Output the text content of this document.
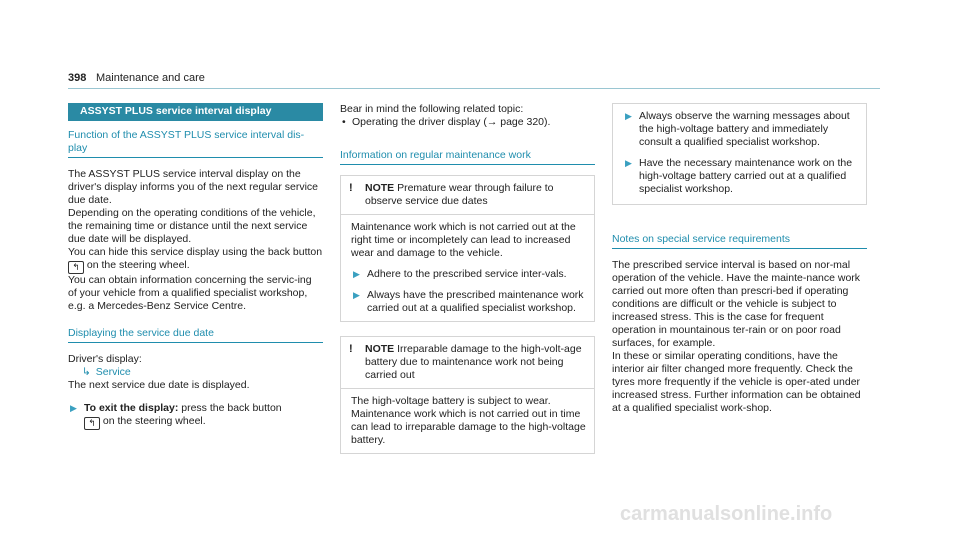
398 Maintenance and care
ASSYST PLUS service interval display
Function of the ASSYST PLUS service interval dis-play

The ASSYST PLUS service interval display on the driver's display informs you of the next regular service due date.

Depending on the operating conditions of the vehicle, the remaining time or distance until the next service due date will be displayed.

You can hide this service display using the back button ↰ on the steering wheel.

You can obtain information concerning the servic-ing of your vehicle from a qualified specialist workshop, e.g. a Mercedes-Benz Service Centre.

Displaying the service due date

Driver's display:

↳ Service

The next service due date is displayed.

▶ To exit the display: press the back button
↰ on the steering wheel.

Bear in mind the following related topic:

• Operating the driver display (→ page 320).
Information on regular maintenance work
! NOTE Premature wear through failure to observe service due dates

Maintenance work which is not carried out at the right time or incompletely can lead to increased wear and damage to the vehicle.

▶ Adhere to the prescribed service inter-vals.
▶ Always have the prescribed maintenance work carried out at a qualified specialist workshop.
! NOTE Irreparable damage to the high-volt-age battery due to maintenance work not being carried out

The high-voltage battery is subject to wear. Maintenance work which is not carried out in time can lead to irreparable damage to the high-voltage battery.

▶ Always observe the warning messages about the high-voltage battery and immediately consult a qualified specialist workshop.
▶ Have the necessary maintenance work on the high-voltage battery carried out at a qualified specialist workshop.
Notes on special service requirements

The prescribed service interval is based on nor-mal operation of the vehicle. Have the mainte-nance work carried out more often than prescri-bed if operating conditions are difficult or the vehicle is subject to increased stress. This is the case for frequent operation in mountainous ter-rain or on poor road surfaces, for example.

In these or similar operating conditions, have the interior air filter changed more frequently. Check the tyres more frequently if the vehicle is oper-ated under increased stress. Further information can be obtained at a qualified specialist work-shop.

carmanualsonline.info
